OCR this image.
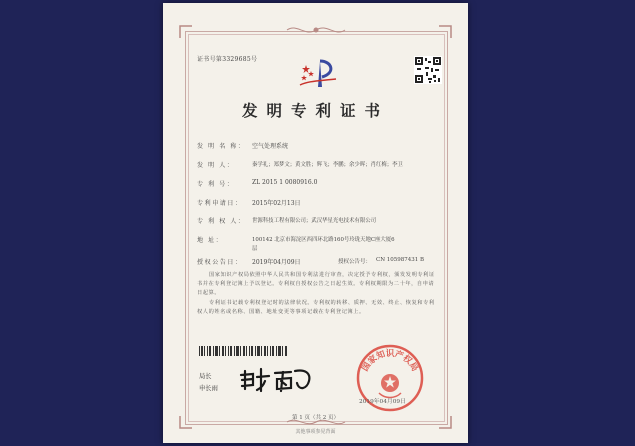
证书号第3329685号
发明专利证书
发 明 名 称： 空气处理系统
发 明 人：	秦学礼；郑梦文；黄文胜；辉飞；李鹏；余少晖；肖红梅；李卫
专 利 号：	ZL 2015 1 0080916.0
专利申请日： 2015年02月13日
专 利 权 人： 世源科技工程有限公司；武汉华星光电技术有限公司
地 址：	100142 北京市海淀区西四环北路160号玲珑天地C座大厦6
层
授权公告日： 2019年04月09日	授权公告号： CN 105987431 B
国家知识产权局依照中华人民共和国专利法进行审查，决定授予专利权，颁发发明专利证书并在专利登记簿上予以登记。专利权自授权公告之日起生效。专利权期限为二十年，自申请日起算。
专利证书记载专利权登记时的法律状况。专利权的转移、质押、无效、终止、恢复和专利权人的姓名或名称、国籍、地址变更等事项记载在专利登记簿上。
局长
申长雨
国家知识产权局
2019年04月09日
第 1 页（共 2 页）
其他事项参见背面
